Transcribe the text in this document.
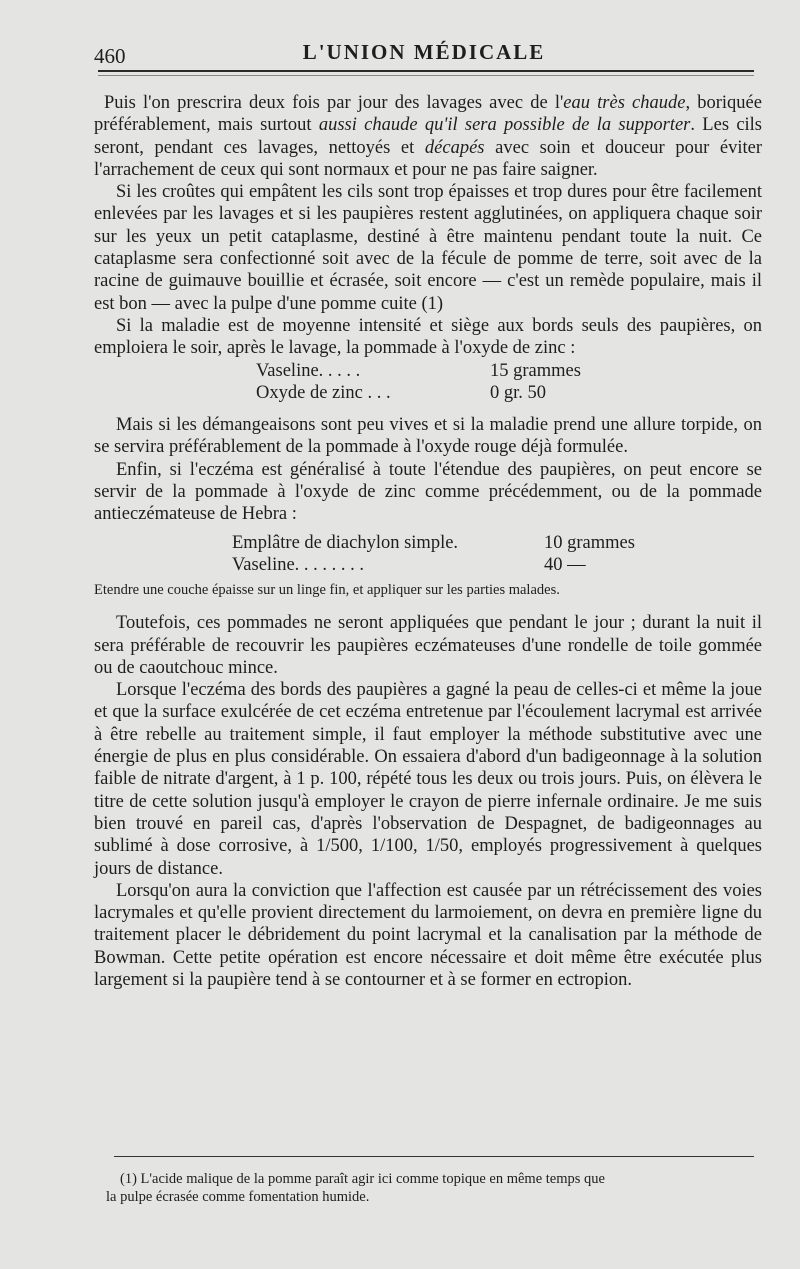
460	L'UNION MÉDICALE

Puis l'on prescrira deux fois par jour des lavages avec de l'eau très chaude, boriquée préférablement, mais surtout aussi chaude qu'il sera possible de la supporter. Les cils seront, pendant ces lavages, nettoyés et décapés avec soin et douceur pour éviter l'arrachement de ceux qui sont normaux et pour ne pas faire saigner.

Si les croûtes qui empâtent les cils sont trop épaisses et trop dures pour être facilement enlevées par les lavages et si les paupières restent agglutinées, on appliquera chaque soir sur les yeux un petit cataplasme, destiné à être maintenu pendant toute la nuit. Ce cataplasme sera confectionné soit avec de la fécule de pomme de terre, soit avec de la racine de guimauve bouillie et écrasée, soit encore — c'est un remède populaire, mais il est bon — avec la pulpe d'une pomme cuite (1)

Si la maladie est de moyenne intensité et siège aux bords seuls des paupières, on emploiera le soir, après le lavage, la pommade à l'oxyde de zinc :

Vaseline. . . . .	15 grammes
Oxyde de zinc . . .	0 gr. 50

Mais si les démangeaisons sont peu vives et si la maladie prend une allure torpide, on se servira préférablement de la pommade à l'oxyde rouge déjà formulée.

Enfin, si l'eczéma est généralisé à toute l'étendue des paupières, on peut encore se servir de la pommade à l'oxyde de zinc comme précédemment, ou de la pommade antieczémateuse de Hebra :

Emplâtre de diachylon simple.	10 grammes
Vaseline. . . . . . . .	40 —

Etendre une couche épaisse sur un linge fin, et appliquer sur les parties malades.

Toutefois, ces pommades ne seront appliquées que pendant le jour ; durant la nuit il sera préférable de recouvrir les paupières eczémateuses d'une rondelle de toile gommée ou de caoutchouc mince.

Lorsque l'eczéma des bords des paupières a gagné la peau de celles-ci et même la joue et que la surface exulcérée de cet eczéma entretenue par l'écoulement lacrymal est arrivée à être rebelle au traitement simple, il faut employer la méthode substitutive avec une énergie de plus en plus considérable. On essaiera d'abord d'un badigeonnage à la solution faible de nitrate d'argent, à 1 p. 100, répété tous les deux ou trois jours. Puis, on élèvera le titre de cette solution jusqu'à employer le crayon de pierre infernale ordinaire. Je me suis bien trouvé en pareil cas, d'après l'observation de Despagnet, de badigeonnages au sublimé à dose corrosive, à 1/500, 1/100, 1/50, employés progressivement à quelques jours de distance.

Lorsqu'on aura la conviction que l'affection est causée par un rétrécissement des voies lacrymales et qu'elle provient directement du larmoiement, on devra en première ligne du traitement placer le débridement du point lacrymal et la canalisation par la méthode de Bowman. Cette petite opération est encore nécessaire et doit même être exécutée plus largement si la paupière tend à se contourner et à se former en ectropion.

(1) L'acide malique de la pomme paraît agir ici comme topique en même temps que
la pulpe écrasée comme fomentation humide.
